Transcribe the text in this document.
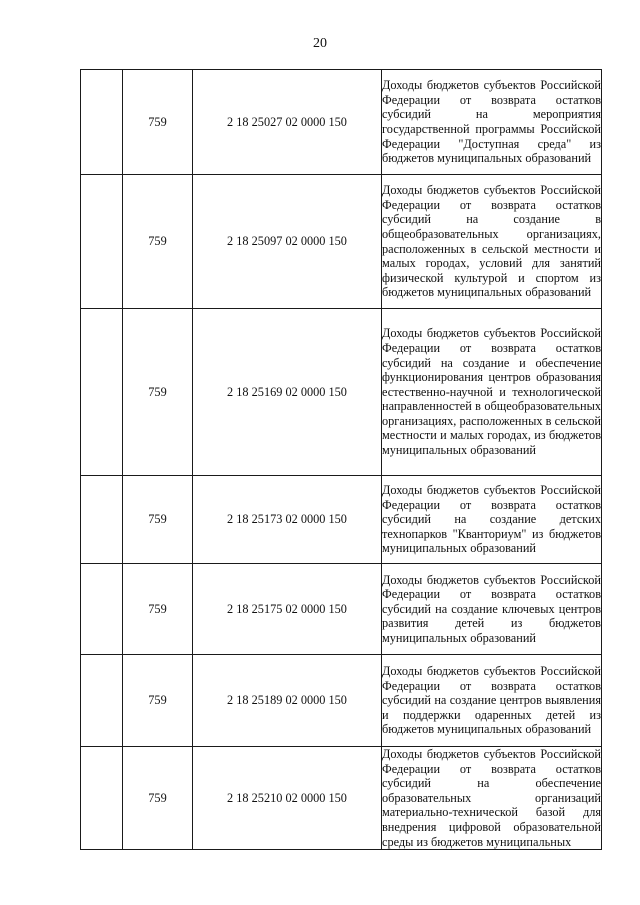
20
	759	2 18 25027 02 0000 150	Доходы бюджетов субъектов Российской Федерации от возврата остатков субсидий на мероприятия государственной программы Российской Федерации "Доступная среда" из бюджетов муниципальных образований
	759	2 18 25097 02 0000 150	Доходы бюджетов субъектов Российской Федерации от возврата остатков субсидий на создание в общеобразовательных организациях, расположенных в сельской местности и малых городах, условий для занятий физической культурой и спортом из бюджетов муниципальных образований
	759	2 18 25169 02 0000 150	Доходы бюджетов субъектов Российской Федерации от возврата остатков субсидий на создание и обеспечение функционирования центров образования естественно-научной и технологической направленностей в общеобразовательных организациях, расположенных в сельской местности и малых городах, из бюджетов муниципальных образований
	759	2 18 25173 02 0000 150	Доходы бюджетов субъектов Российской Федерации от возврата остатков субсидий на создание детских технопарков "Кванториум" из бюджетов муниципальных образований
	759	2 18 25175 02 0000 150	Доходы бюджетов субъектов Российской Федерации от возврата остатков субсидий на создание ключевых центров развития детей из бюджетов муниципальных образований
	759	2 18 25189 02 0000 150	Доходы бюджетов субъектов Российской Федерации от возврата остатков субсидий на создание центров выявления и поддержки одаренных детей из бюджетов муниципальных образований
	759	2 18 25210 02 0000 150	Доходы бюджетов субъектов Российской Федерации от возврата остатков субсидий на обеспечение образовательных организаций материально-технической базой для внедрения цифровой образовательной среды из бюджетов муниципальных
